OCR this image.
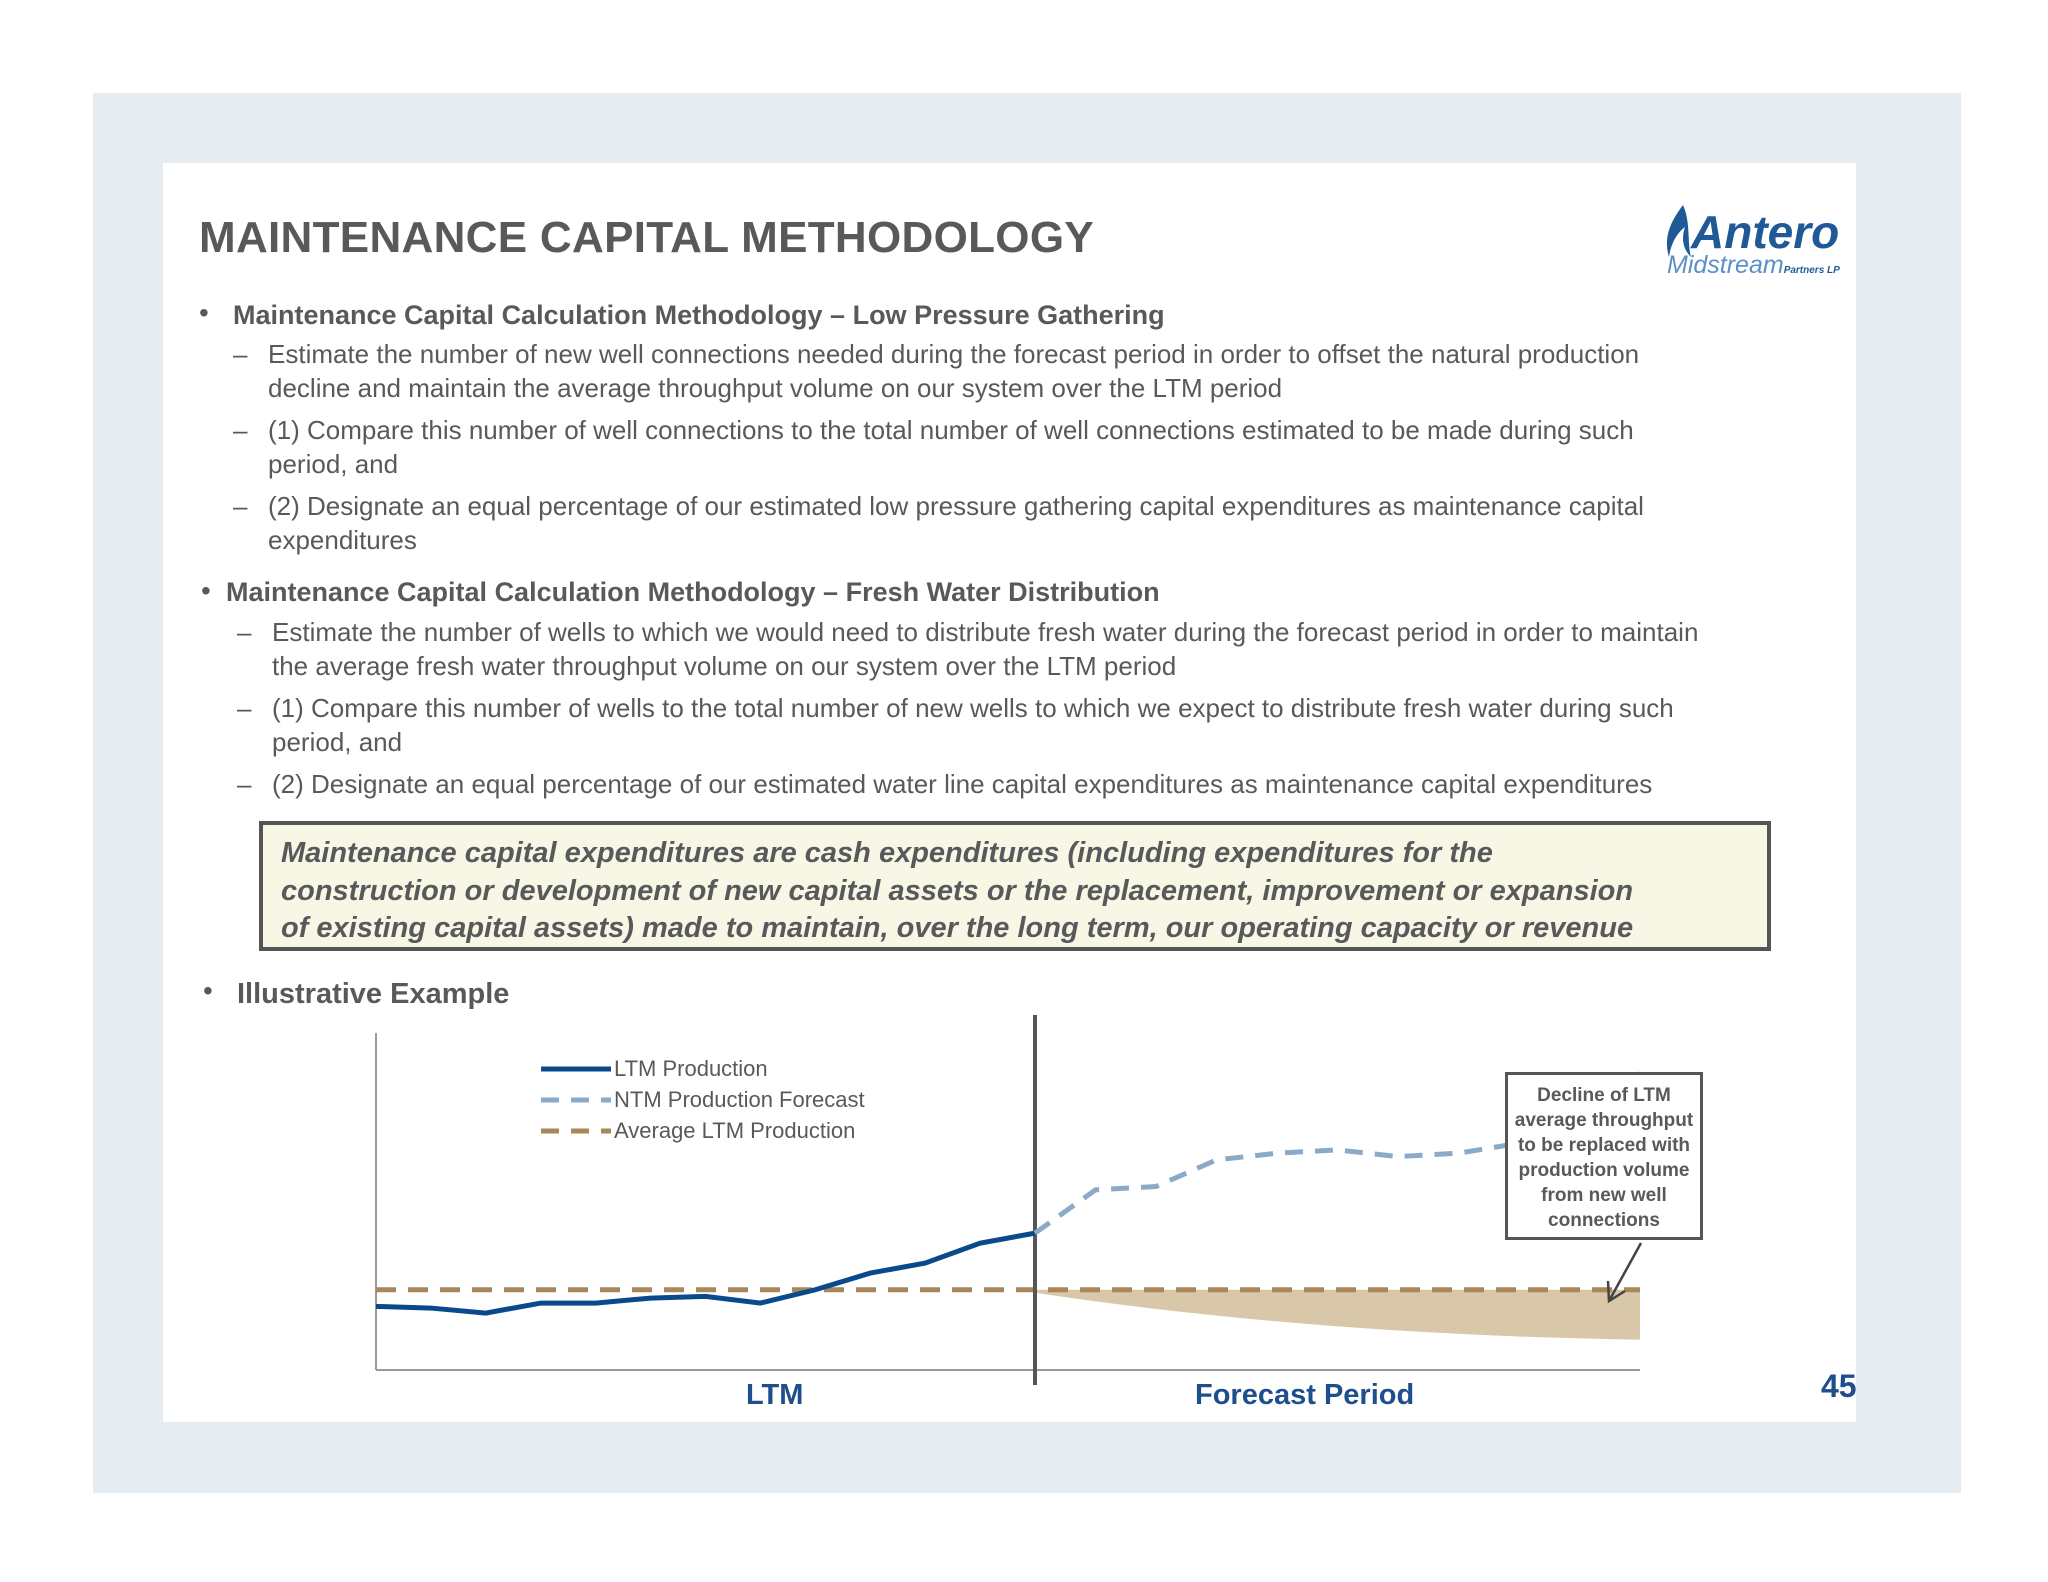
MAINTENANCE CAPITAL METHODOLOGY	Antero
MidstreamPartners LP
• Maintenance Capital Calculation Methodology – Low Pressure Gathering
– Estimate the number of new well connections needed during the forecast period in order to offset the natural production
decline and maintain the average throughput volume on our system over the LTM period
– (1) Compare this number of well connections to the total number of well connections estimated to be made during such
period, and
– (2) Designate an equal percentage of our estimated low pressure gathering capital expenditures as maintenance capital
expenditures
• Maintenance Capital Calculation Methodology – Fresh Water Distribution
– Estimate the number of wells to which we would need to distribute fresh water during the forecast period in order to maintain
the average fresh water throughput volume on our system over the LTM period
– (1) Compare this number of wells to the total number of new wells to which we expect to distribute fresh water during such
period, and
– (2) Designate an equal percentage of our estimated water line capital expenditures as maintenance capital expenditures
Maintenance capital expenditures are cash expenditures (including expenditures for the
construction or development of new capital assets or the replacement, improvement or expansion
of existing capital assets) made to maintain, over the long term, our operating capacity or revenue
• Illustrative Example
LTM Production
NTM Production Forecast
Average LTM Production
LTM	Forecast Period
Decline of LTM
average throughput
to be replaced with
production volume
from new well
connections
45
